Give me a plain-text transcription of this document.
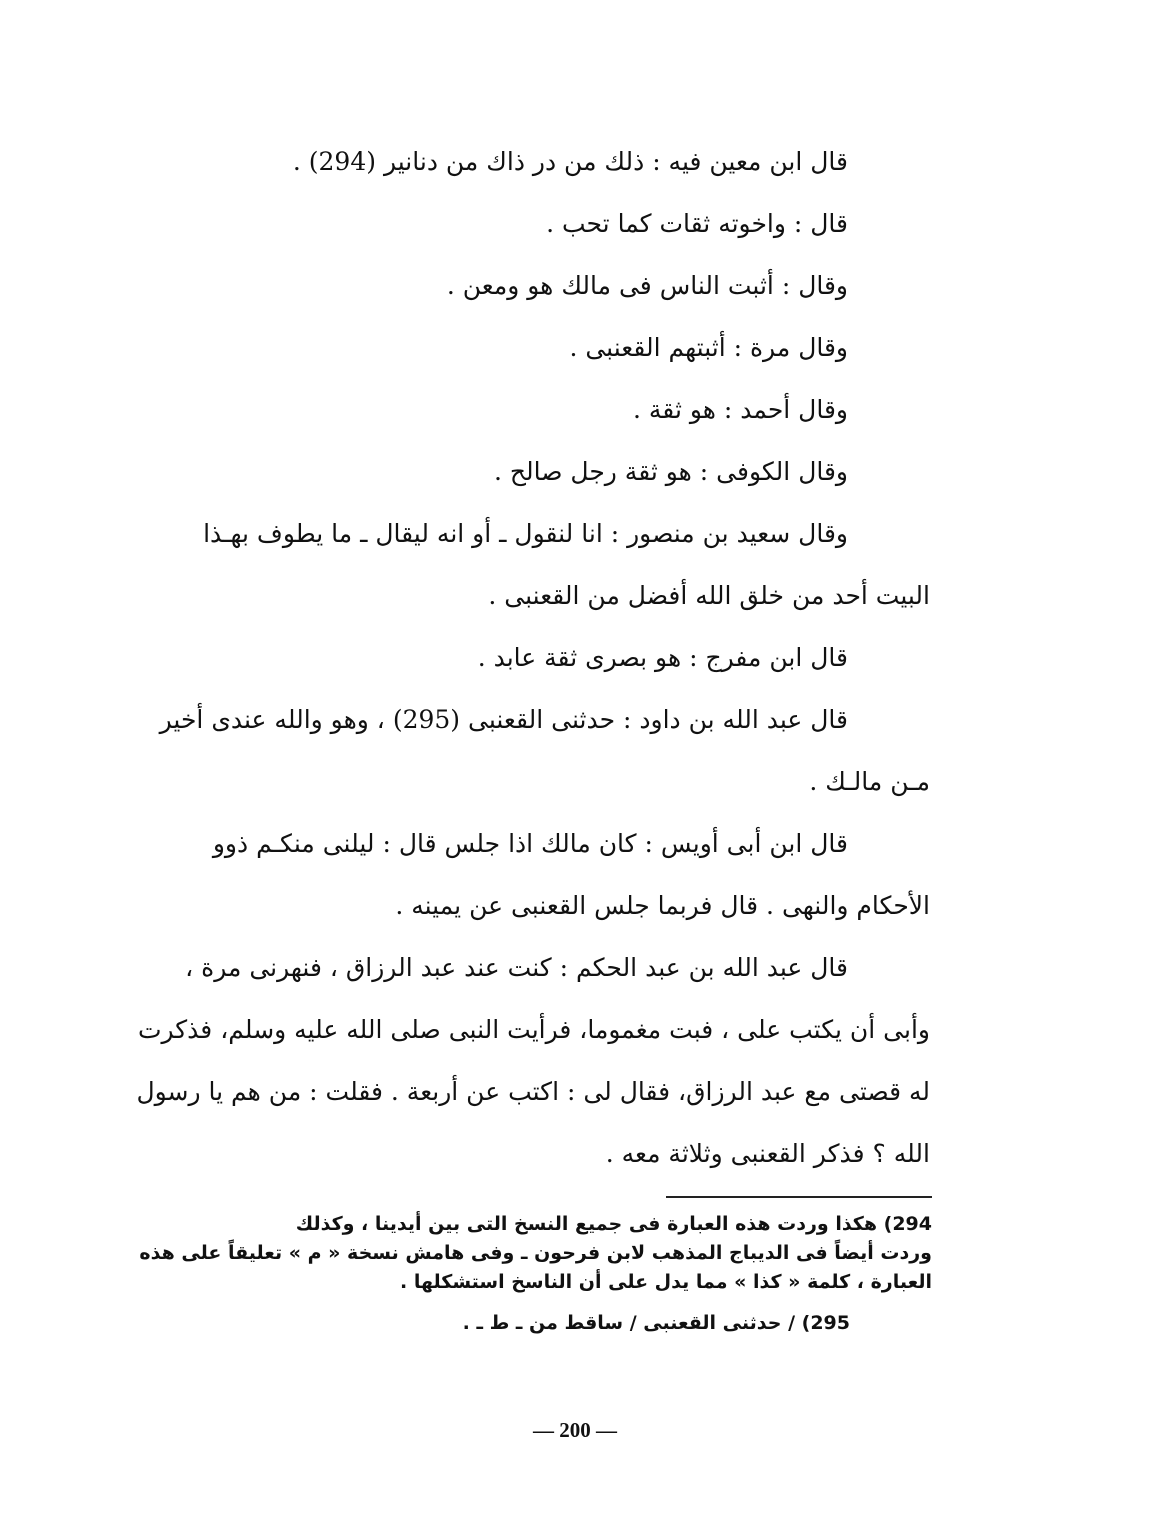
قال ابن معين فيه : ذلك من در ذاك من دنانير (294) .
قال : واخوته ثقات كما تحب .
وقال : أثبت الناس فى مالك هو ومعن .
وقال مرة : أثبتهم القعنبى .
وقال أحمد : هو ثقة .
وقال الكوفى : هو ثقة رجل صالح .
وقال سعيد بن منصور : انا لنقول ـ أو انه ليقال ـ ما يطوف بهـذا
البيت أحد من خلق الله أفضل من القعنبى .
قال ابن مفرج : هو بصرى ثقة عابد .
قال عبد الله بن داود : حدثنى القعنبى (295) ، وهو والله عندى أخير
مـن مالـك .
قال ابن أبى أويس : كان مالك اذا جلس قال : ليلنى منكـم ذوو
الأحكام والنهى . قال فربما جلس القعنبى عن يمينه .
قال عبد الله بن عبد الحكم : كنت عند عبد الرزاق ، فنهرنى مرة ،
وأبى أن يكتب على ، فبت مغموما، فرأيت النبى صلى الله عليه وسلم، فذكرت
له قصتى مع عبد الرزاق، فقال لى : اكتب عن أربعة . فقلت : من هم يا رسول
الله ؟ فذكر القعنبى وثلاثة معه .
294) هكذا وردت هذه العبارة فى جميع النسخ التى بين أيدينا ، وكذلك
وردت أيضاً فى الديباج المذهب لابن فرحون ـ وفى هامش نسخة « م » تعليقاً على هذه
العبارة ، كلمة « كذا » مما يدل على أن الناسخ استشكلها .
295) / حدثنى القعنبى / ساقط من ـ ط ـ .
— 200 —
